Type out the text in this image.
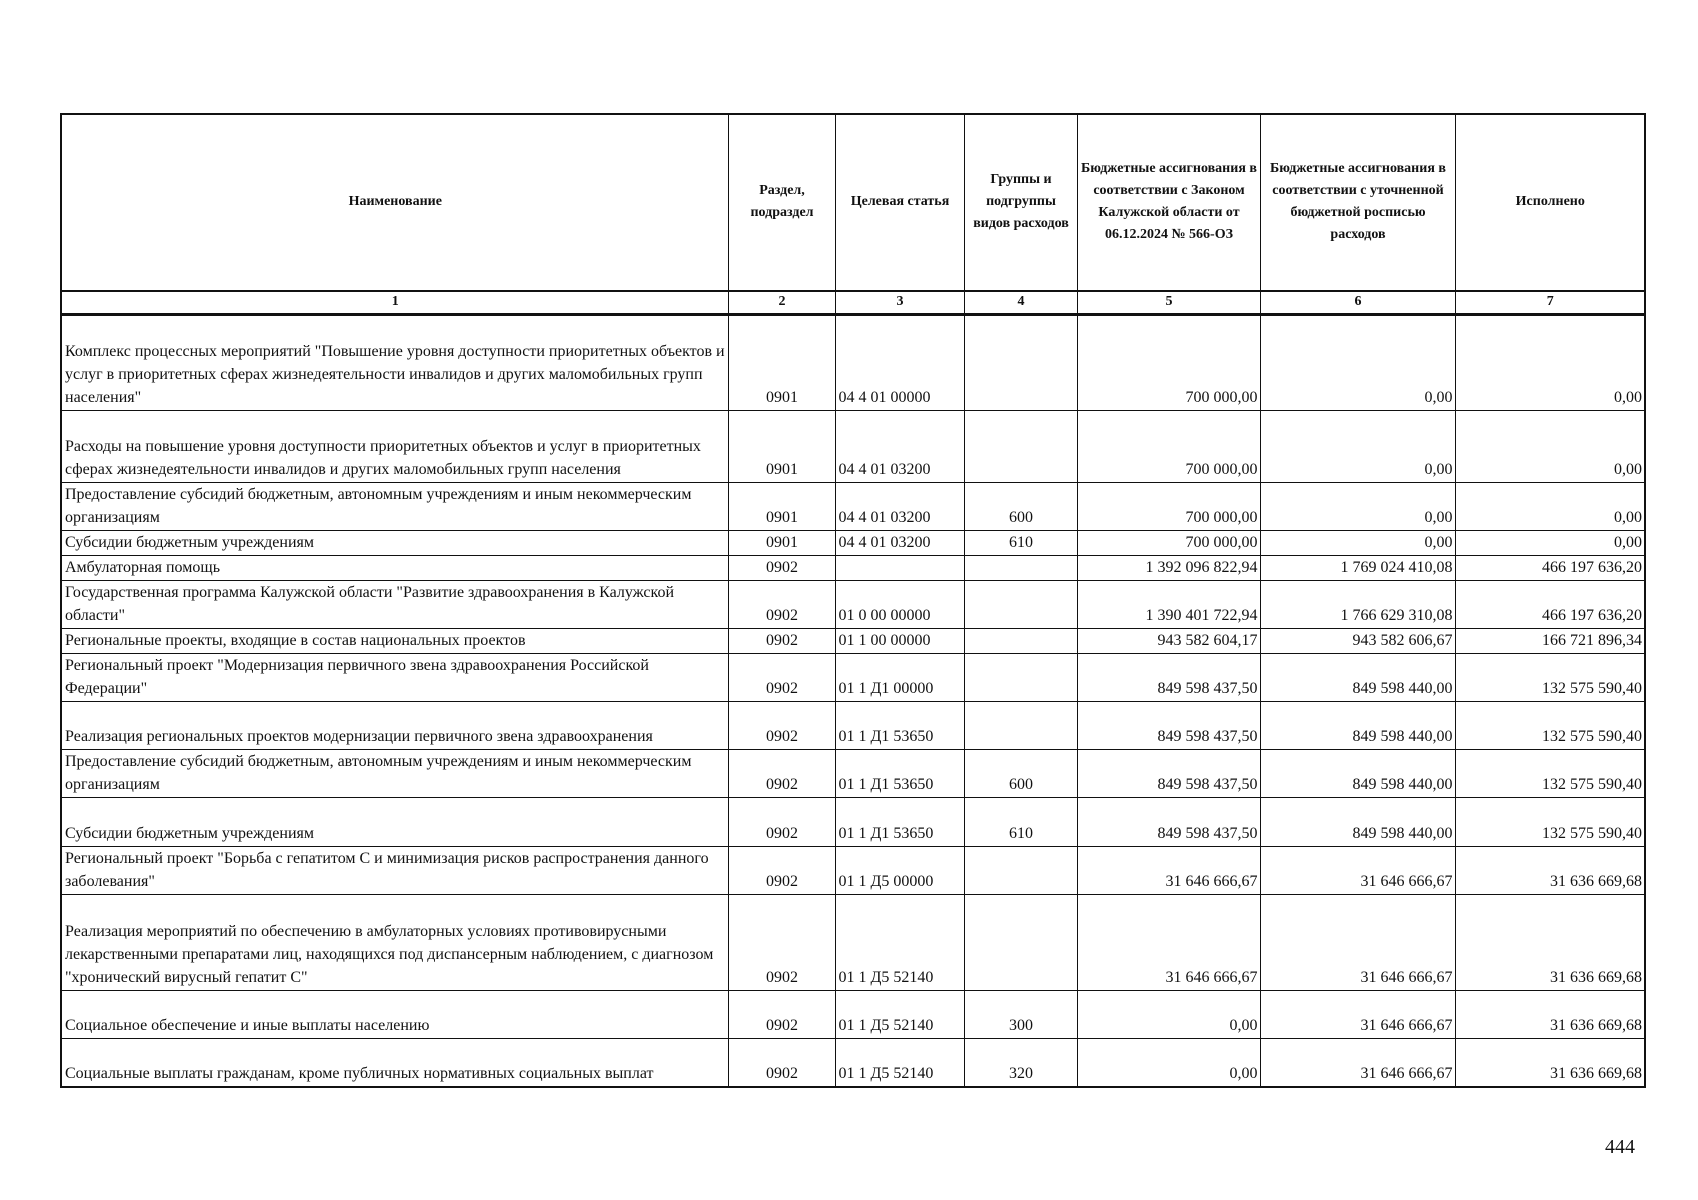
Наименование	Раздел, подраздел	Целевая статья	Группы и подгруппы видов расходов	Бюджетные ассигнования в соответствии с Законом Калужской области от 06.12.2024 № 566-ОЗ	Бюджетные ассигнования в соответствии с уточненной бюджетной росписью расходов	Исполнено
1	2	3	4	5	6	7
Комплекс процессных мероприятий "Повышение уровня доступности приоритетных объектов и услуг в приоритетных сферах жизнедеятельности инвалидов и других маломобильных групп населения"	0901	04 4 01 00000		700 000,00	0,00	0,00
Расходы на повышение уровня доступности приоритетных объектов и услуг в приоритетных сферах жизнедеятельности инвалидов и других маломобильных групп населения	0901	04 4 01 03200		700 000,00	0,00	0,00
Предоставление субсидий бюджетным, автономным учреждениям и иным некоммерческим организациям	0901	04 4 01 03200	600	700 000,00	0,00	0,00
Субсидии бюджетным учреждениям	0901	04 4 01 03200	610	700 000,00	0,00	0,00
Амбулаторная помощь	0902			1 392 096 822,94	1 769 024 410,08	466 197 636,20
Государственная программа Калужской области "Развитие здравоохранения в Калужской области"	0902	01 0 00 00000		1 390 401 722,94	1 766 629 310,08	466 197 636,20
Региональные проекты, входящие в состав национальных проектов	0902	01 1 00 00000		943 582 604,17	943 582 606,67	166 721 896,34
Региональный проект "Модернизация первичного звена здравоохранения Российской Федерации"	0902	01 1 Д1 00000		849 598 437,50	849 598 440,00	132 575 590,40
Реализация региональных проектов модернизации первичного звена здравоохранения	0902	01 1 Д1 53650		849 598 437,50	849 598 440,00	132 575 590,40
Предоставление субсидий бюджетным, автономным учреждениям и иным некоммерческим организациям	0902	01 1 Д1 53650	600	849 598 437,50	849 598 440,00	132 575 590,40
Субсидии бюджетным учреждениям	0902	01 1 Д1 53650	610	849 598 437,50	849 598 440,00	132 575 590,40
Региональный проект "Борьба с гепатитом С и минимизация рисков распространения данного заболевания"	0902	01 1 Д5 00000		31 646 666,67	31 646 666,67	31 636 669,68
Реализация мероприятий по обеспечению в амбулаторных условиях противовирусными лекарственными препаратами лиц, находящихся под диспансерным наблюдением, с диагнозом "хронический вирусный гепатит С"	0902	01 1 Д5 52140		31 646 666,67	31 646 666,67	31 636 669,68
Социальное обеспечение и иные выплаты населению	0902	01 1 Д5 52140	300	0,00	31 646 666,67	31 636 669,68
Социальные выплаты гражданам, кроме публичных нормативных социальных выплат	0902	01 1 Д5 52140	320	0,00	31 646 666,67	31 636 669,68
444
